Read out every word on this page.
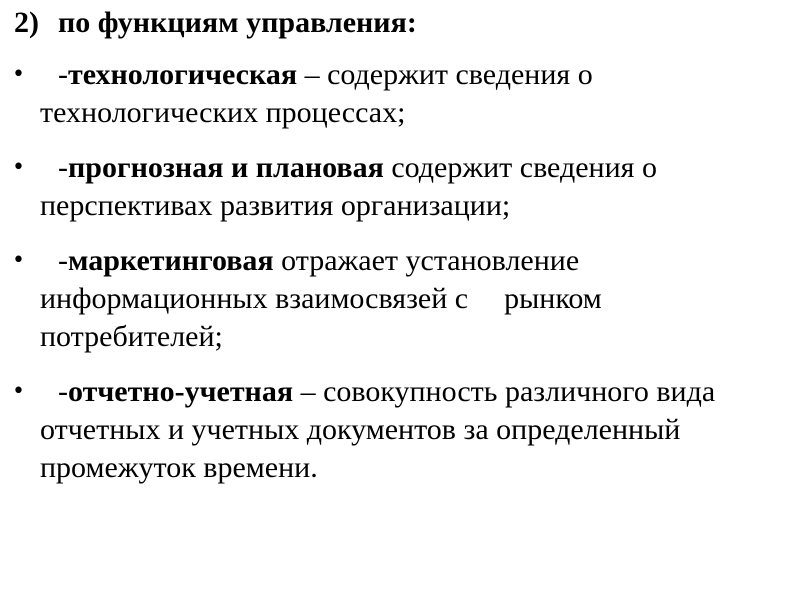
2) по функциям управления:
• -технологическая – содержит сведения о технологических процессах;
• -прогнозная и плановая содержит сведения о перспективах развития организации;
• -маркетинговая отражает установление информационных взаимосвязей с рынком потребителей;
• -отчетно-учетная – совокупность различного вида отчетных и учетных документов за определенный промежуток времени.
